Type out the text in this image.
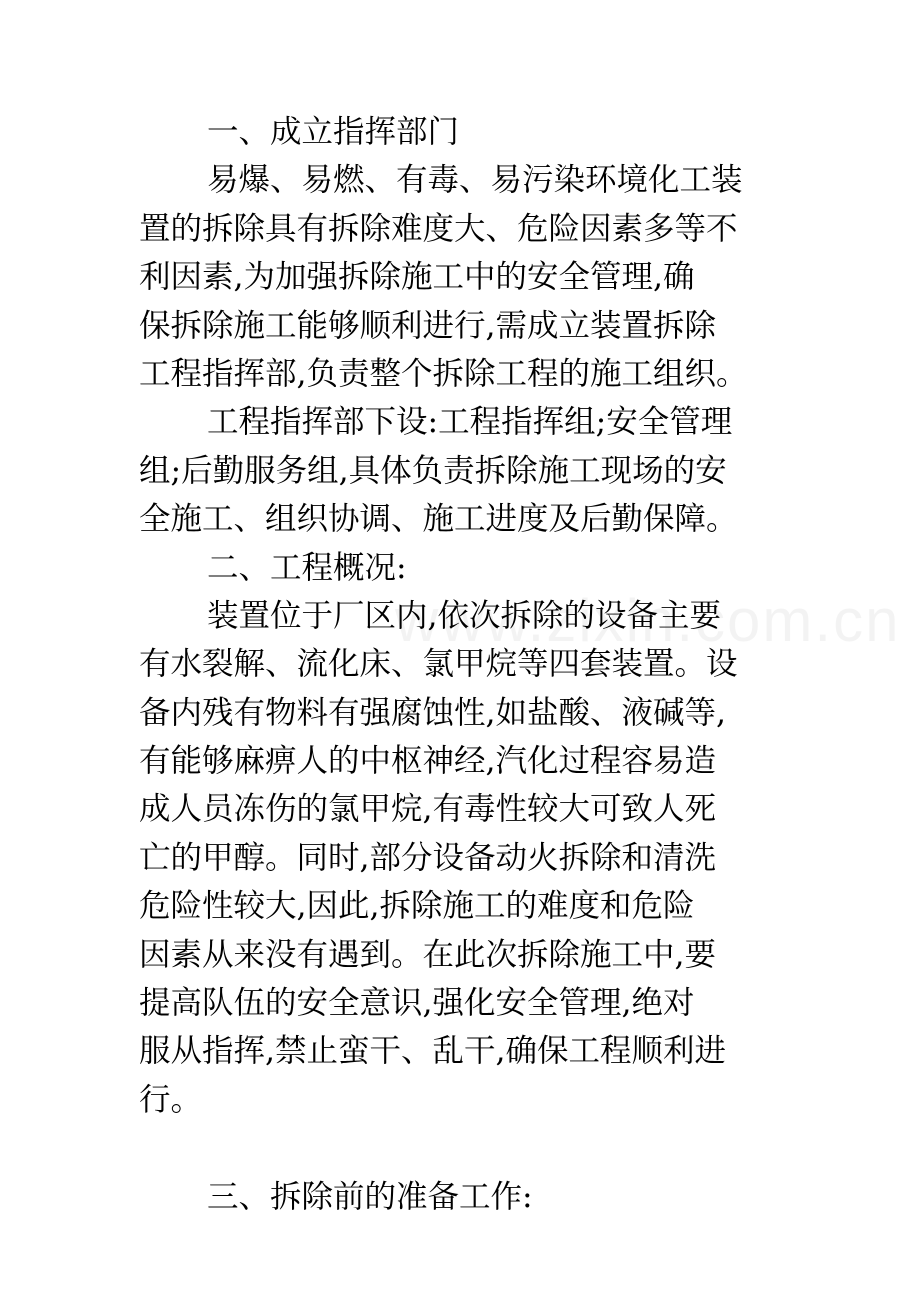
一、成立指挥部门
易爆、易燃、有毒、易污染环境化工装
置的拆除具有拆除难度大、危险因素多等不
利因素,为加强拆除施工中的安全管理,确
保拆除施工能够顺利进行,需成立装置拆除
工程指挥部,负责整个拆除工程的施工组织。
工程指挥部下设:工程指挥组;安全管理
组;后勤服务组,具体负责拆除施工现场的安
全施工、组织协调、施工进度及后勤保障。
二、工程概况:
装置位于厂区内,依次拆除的设备主要
有水裂解、流化床、氯甲烷等四套装置。设
备内残有物料有强腐蚀性,如盐酸、液碱等,
有能够麻痹人的中枢神经,汽化过程容易造
成人员冻伤的氯甲烷,有毒性较大可致人死
亡的甲醇。同时,部分设备动火拆除和清洗
危险性较大,因此,拆除施工的难度和危险
因素从来没有遇到。在此次拆除施工中,要
提高队伍的安全意识,强化安全管理,绝对
服从指挥,禁止蛮干、乱干,确保工程顺利进
行。
三、拆除前的准备工作:
